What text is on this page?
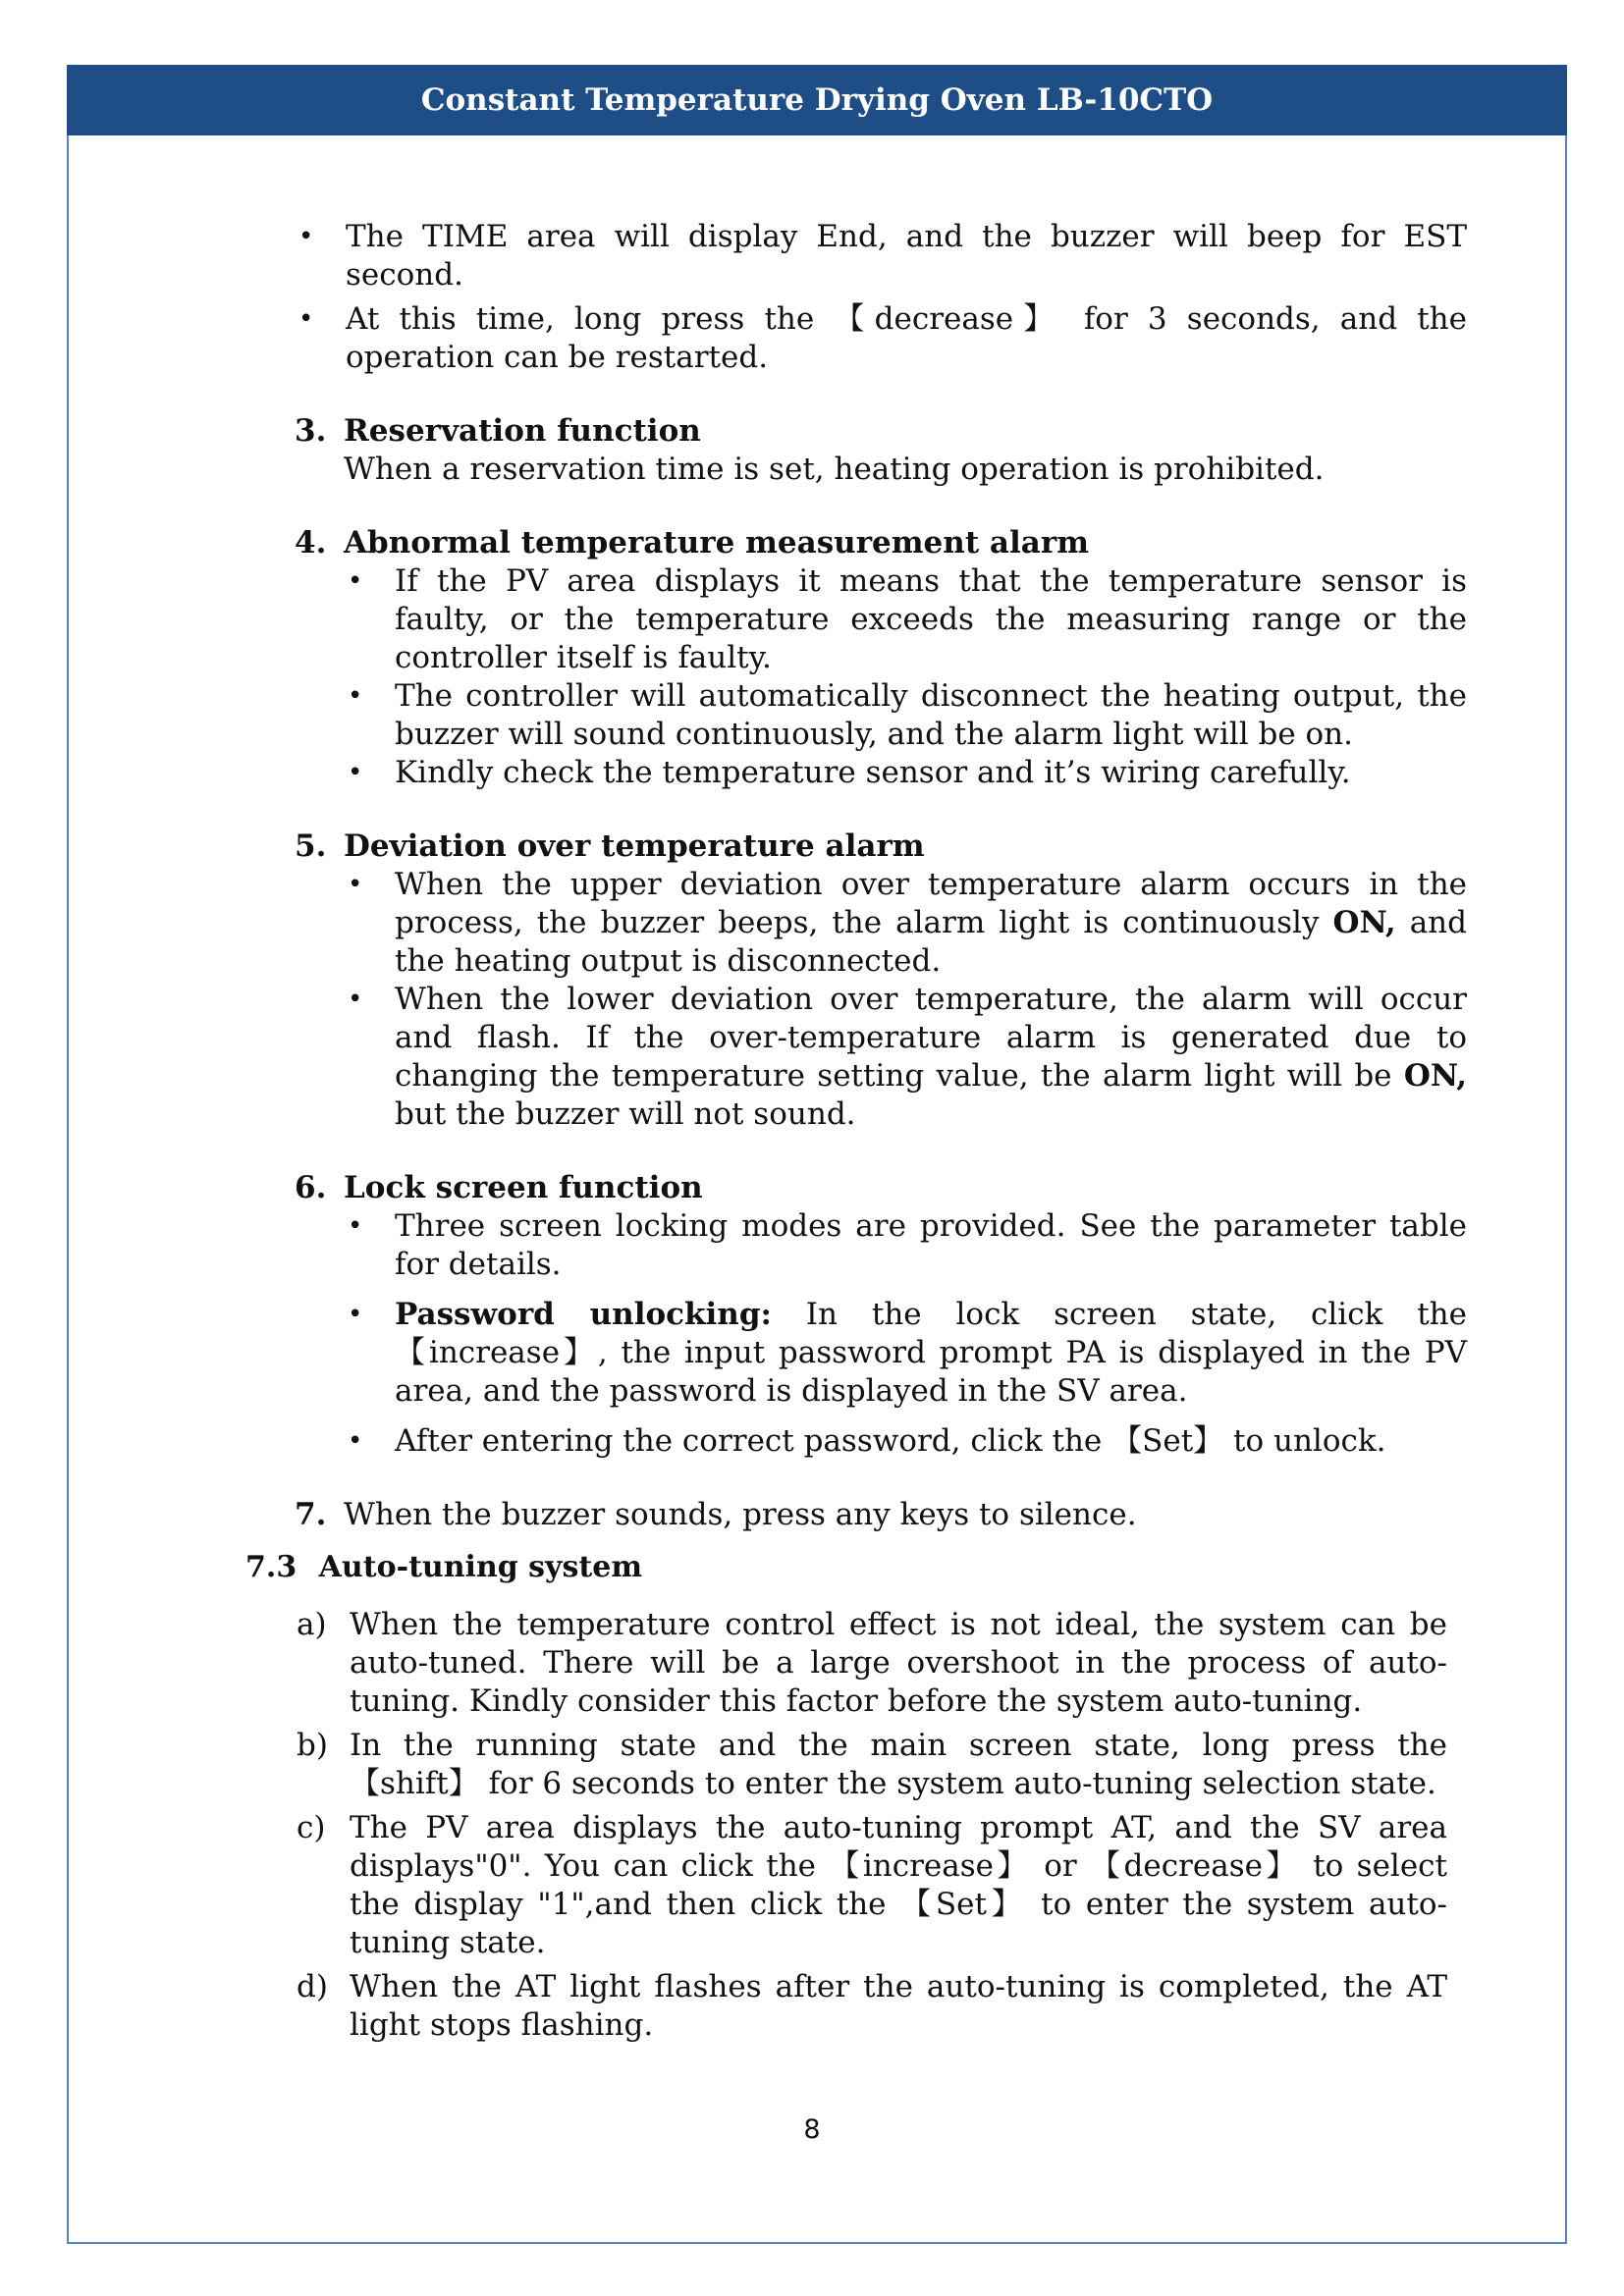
Constant Temperature Drying Oven LB-10CTO
• The TIME area will display End, and the buzzer will beep for EST second.
• At this time, long press the 【decrease】 for 3 seconds, and the operation can be restarted.
3. Reservation function
When a reservation time is set, heating operation is prohibited.
4. Abnormal temperature measurement alarm
• If the PV area displays it means that the temperature sensor is faulty, or the temperature exceeds the measuring range or the controller itself is faulty.
• The controller will automatically disconnect the heating output, the buzzer will sound continuously, and the alarm light will be on.
• Kindly check the temperature sensor and it’s wiring carefully.
5. Deviation over temperature alarm
• When the upper deviation over temperature alarm occurs in the process, the buzzer beeps, the alarm light is continuously ON, and the heating output is disconnected.
• When the lower deviation over temperature, the alarm will occur and flash. If the over-temperature alarm is generated due to changing the temperature setting value, the alarm light will be ON, but the buzzer will not sound.
6. Lock screen function
• Three screen locking modes are provided. See the parameter table for details.
• Password unlocking: In the lock screen state, click the 【increase】, the input password prompt PA is displayed in the PV area, and the password is displayed in the SV area.
• After entering the correct password, click the 【Set】 to unlock.
7. When the buzzer sounds, press any keys to silence.
7.3 Auto-tuning system
a) When the temperature control effect is not ideal, the system can be auto-tuned. There will be a large overshoot in the process of auto-tuning. Kindly consider this factor before the system auto-tuning.
b) In the running state and the main screen state, long press the 【shift】 for 6 seconds to enter the system auto-tuning selection state.
c) The PV area displays the auto-tuning prompt AT, and the SV area displays"0". You can click the 【increase】 or 【decrease】 to select the display "1",and then click the 【Set】 to enter the system auto-tuning state.
d) When the AT light flashes after the auto-tuning is completed, the AT light stops flashing.
8
